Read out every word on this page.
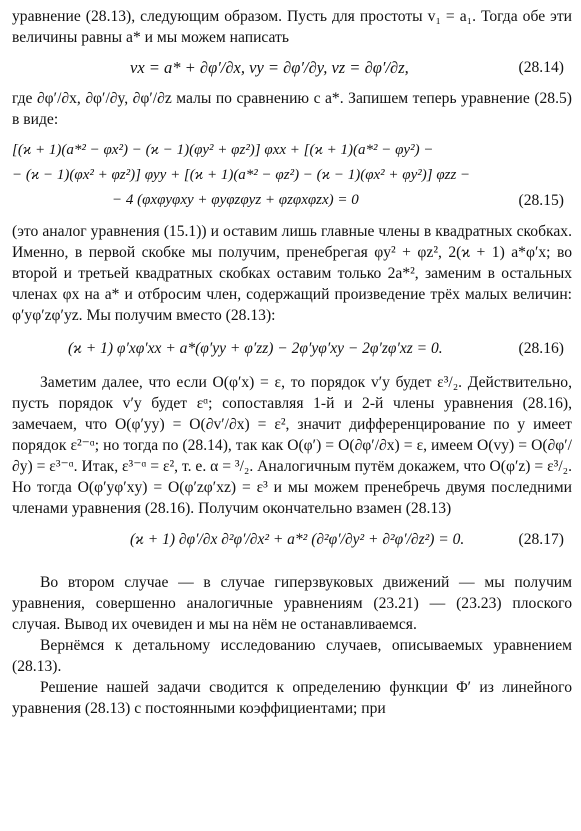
уравнение (28.13), следующим образом. Пусть для простоты v₁ = a₁. Тогда обе эти величины равны a* и мы можем написать

vx = a* + ∂φ′/∂x, vy = ∂φ′/∂y, vz = ∂φ′/∂z,	(28.14)

где ∂φ′/∂x, ∂φ′/∂y, ∂φ′/∂z малы по сравнению с a*. Запишем теперь уравнение (28.5) в виде:

[(ϰ + 1)(a*² − φx²) − (ϰ − 1)(φy² + φz²)] φxx + [(ϰ + 1)(a*² − φy²) −
− (ϰ − 1)(φx² + φz²)] φyy + [(ϰ + 1)(a*² − φz²) − (ϰ − 1)(φx² + φy²)] φzz −
− 4 (φxφyφxy + φyφzφyz + φzφxφzx) = 0	(28.15)

(это аналог уравнения (15.1)) и оставим лишь главные члены в квадратных скобках. Именно, в первой скобке мы получим, пренебрегая φy² + φz², 2(ϰ + 1) a*φ′x; во второй и третьей квадратных скобках оставим только 2a*², заменим в остальных членах φx на a* и отбросим член, содержащий произведение трёх малых величин: φ′yφ′zφ′yz. Мы получим вместо (28.13):

(ϰ + 1) φ′xφ′xx + a*(φ′yy + φ′zz) − 2φ′yφ′xy − 2φ′zφ′xz = 0.	(28.16)

Заметим далее, что если O(φ′x) = ε, то порядок v′y будет ε³/₂. Действительно, пусть порядок v′y будет εᵅ; сопоставляя 1-й и 2-й члены уравнения (28.16), замечаем, что O(φ′yy) = O(∂v′/∂x) = ε², значит дифференцирование по y имеет порядок ε²⁻ᵅ; но тогда по (28.14), так как O(φ′) = O(∂φ′/∂x) = ε, имеем O(vy) = O(∂φ′/∂y) = ε³⁻ᵅ. Итак, ε³⁻ᵅ = ε², т. е. α = ³/₂. Аналогичным путём докажем, что O(φ′z) = ε³/₂. Но тогда O(φ′yφ′xy) = O(φ′zφ′xz) = ε³ и мы можем пренебречь двумя последними членами уравнения (28.16). Получим окончательно взамен (28.13)

(ϰ + 1) ∂φ′/∂x ∂²φ′/∂x² + a*² (∂²φ′/∂y² + ∂²φ′/∂z²) = 0.	(28.17)

Во втором случае — в случае гиперзвуковых движений — мы получим уравнения, совершенно аналогичные уравнениям (23.21) — (23.23) плоского случая. Вывод их очевиден и мы на нём не останавливаемся.

Вернёмся к детальному исследованию случаев, описываемых уравнением (28.13).

Решение нашей задачи сводится к определению функции Φ′ из линейного уравнения (28.13) с постоянными коэффициентами; при
